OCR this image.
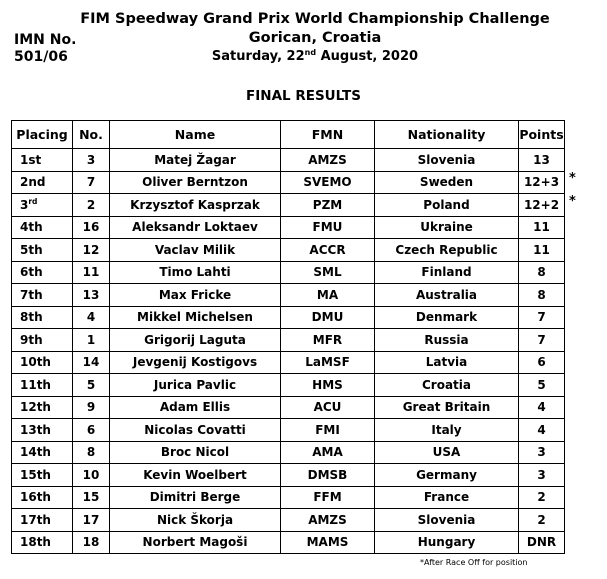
IMN No.
501/06
FIM Speedway Grand Prix World Championship Challenge
Gorican, Croatia
Saturday, 22nd August, 2020
FINAL RESULTS
Placing	No.	Name	FMN	Nationality	Points
1st	3	Matej Žagar	AMZS	Slovenia	13
2nd	7	Oliver Berntzon	SVEMO	Sweden	12+3
3rd	2	Krzysztof Kasprzak	PZM	Poland	12+2
4th	16	Aleksandr Loktaev	FMU	Ukraine	11
5th	12	Vaclav Milik	ACCR	Czech Republic	11
6th	11	Timo Lahti	SML	Finland	8
7th	13	Max Fricke	MA	Australia	8
8th	4	Mikkel Michelsen	DMU	Denmark	7
9th	1	Grigorij Laguta	MFR	Russia	7
10th	14	Jevgenij Kostigovs	LaMSF	Latvia	6
11th	5	Jurica Pavlic	HMS	Croatia	5
12th	9	Adam Ellis	ACU	Great Britain	4
13th	6	Nicolas Covatti	FMI	Italy	4
14th	8	Broc Nicol	AMA	USA	3
15th	10	Kevin Woelbert	DMSB	Germany	3
16th	15	Dimitri Berge	FFM	France	2
17th	17	Nick Škorja	AMZS	Slovenia	2
18th	18	Norbert Magoši	MAMS	Hungary	DNR
*
*
*After Race Off for position
